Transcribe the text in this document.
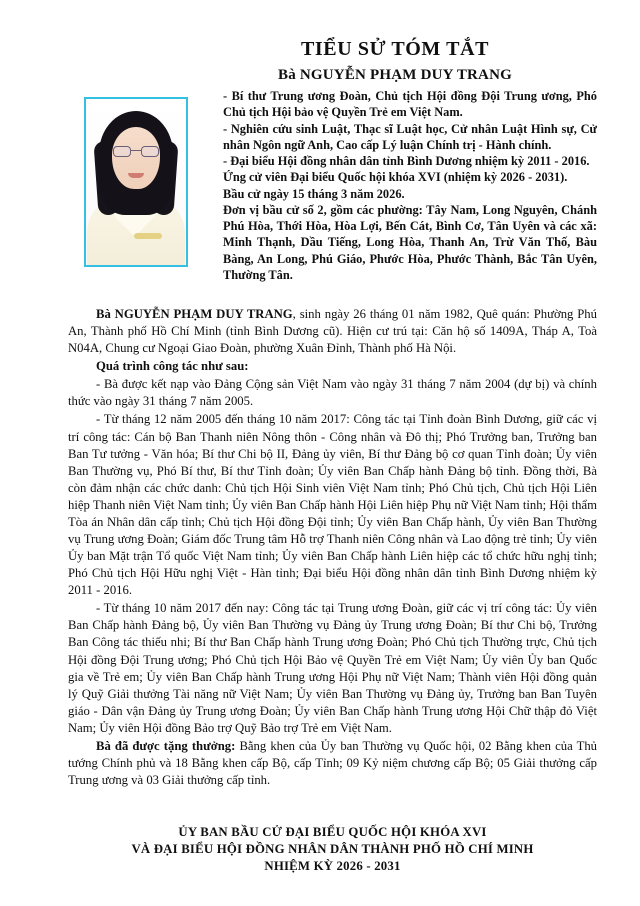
TIỂU SỬ TÓM TẮT
Bà NGUYỄN PHẠM DUY TRANG

- Bí thư Trung ương Đoàn, Chủ tịch Hội đồng Đội Trung ương, Phó Chủ tịch Hội bảo vệ Quyền Trẻ em Việt Nam.

- Nghiên cứu sinh Luật, Thạc sĩ Luật học, Cử nhân Luật Hình sự, Cử nhân Ngôn ngữ Anh, Cao cấp Lý luận Chính trị - Hành chính.

- Đại biểu Hội đồng nhân dân tỉnh Bình Dương nhiệm kỳ 2011 - 2016.

Ứng cử viên Đại biểu Quốc hội khóa XVI (nhiệm kỳ 2026 - 2031).

Bầu cử ngày 15 tháng 3 năm 2026.

Đơn vị bầu cử số 2, gồm các phường: Tây Nam, Long Nguyên, Chánh Phú Hòa, Thới Hòa, Hòa Lợi, Bến Cát, Bình Cơ, Tân Uyên và các xã: Minh Thạnh, Dầu Tiếng, Long Hòa, Thanh An, Trừ Văn Thố, Bàu Bàng, An Long, Phú Giáo, Phước Hòa, Phước Thành, Bắc Tân Uyên, Thường Tân.

Bà NGUYỄN PHẠM DUY TRANG, sinh ngày 26 tháng 01 năm 1982, Quê quán: Phường Phú An, Thành phố Hồ Chí Minh (tỉnh Bình Dương cũ). Hiện cư trú tại: Căn hộ số 1409A, Tháp A, Toà N04A, Chung cư Ngoại Giao Đoàn, phường Xuân Đỉnh, Thành phố Hà Nội.

Quá trình công tác như sau:

- Bà được kết nạp vào Đảng Cộng sản Việt Nam vào ngày 31 tháng 7 năm 2004 (dự bị) và chính thức vào ngày 31 tháng 7 năm 2005.

- Từ tháng 12 năm 2005 đến tháng 10 năm 2017: Công tác tại Tỉnh đoàn Bình Dương, giữ các vị trí công tác: Cán bộ Ban Thanh niên Nông thôn - Công nhân và Đô thị; Phó Trưởng ban, Trưởng ban Ban Tư tưởng - Văn hóa; Bí thư Chi bộ II, Đảng ủy viên, Bí thư Đảng bộ cơ quan Tỉnh đoàn; Ủy viên Ban Thường vụ, Phó Bí thư, Bí thư Tỉnh đoàn; Ủy viên Ban Chấp hành Đảng bộ tỉnh. Đồng thời, Bà còn đảm nhận các chức danh: Chủ tịch Hội Sinh viên Việt Nam tỉnh; Phó Chủ tịch, Chủ tịch Hội Liên hiệp Thanh niên Việt Nam tỉnh; Ủy viên Ban Chấp hành Hội Liên hiệp Phụ nữ Việt Nam tỉnh; Hội thẩm Tòa án Nhân dân cấp tỉnh; Chủ tịch Hội đồng Đội tỉnh; Ủy viên Ban Chấp hành, Ủy viên Ban Thường vụ Trung ương Đoàn; Giám đốc Trung tâm Hỗ trợ Thanh niên Công nhân và Lao động trẻ tỉnh; Ủy viên Ủy ban Mặt trận Tổ quốc Việt Nam tỉnh; Ủy viên Ban Chấp hành Liên hiệp các tổ chức hữu nghị tỉnh; Phó Chủ tịch Hội Hữu nghị Việt - Hàn tỉnh; Đại biểu Hội đồng nhân dân tỉnh Bình Dương nhiệm kỳ 2011 - 2016.

- Từ tháng 10 năm 2017 đến nay: Công tác tại Trung ương Đoàn, giữ các vị trí công tác: Ủy viên Ban Chấp hành Đảng bộ, Ủy viên Ban Thường vụ Đảng ủy Trung ương Đoàn; Bí thư Chi bộ, Trưởng Ban Công tác thiếu nhi; Bí thư Ban Chấp hành Trung ương Đoàn; Phó Chủ tịch Thường trực, Chủ tịch Hội đồng Đội Trung ương; Phó Chủ tịch Hội Bảo vệ Quyền Trẻ em Việt Nam; Ủy viên Ủy ban Quốc gia về Trẻ em; Ủy viên Ban Chấp hành Trung ương Hội Phụ nữ Việt Nam; Thành viên Hội đồng quản lý Quỹ Giải thưởng Tài năng nữ Việt Nam; Ủy viên Ban Thường vụ Đảng ủy, Trưởng ban Ban Tuyên giáo - Dân vận Đảng ủy Trung ương Đoàn; Ủy viên Ban Chấp hành Trung ương Hội Chữ thập đỏ Việt Nam; Ủy viên Hội đồng Bảo trợ Quỹ Bảo trợ Trẻ em Việt Nam.

Bà đã được tặng thưởng: Bằng khen của Ủy ban Thường vụ Quốc hội, 02 Bằng khen của Thủ tướng Chính phủ và 18 Bằng khen cấp Bộ, cấp Tỉnh; 09 Kỷ niệm chương cấp Bộ; 05 Giải thưởng cấp Trung ương và 03 Giải thưởng cấp tỉnh.

ỦY BAN BẦU CỬ ĐẠI BIỂU QUỐC HỘI KHÓA XVI
VÀ ĐẠI BIỂU HỘI ĐỒNG NHÂN DÂN THÀNH PHỐ HỒ CHÍ MINH
NHIỆM KỲ 2026 - 2031
